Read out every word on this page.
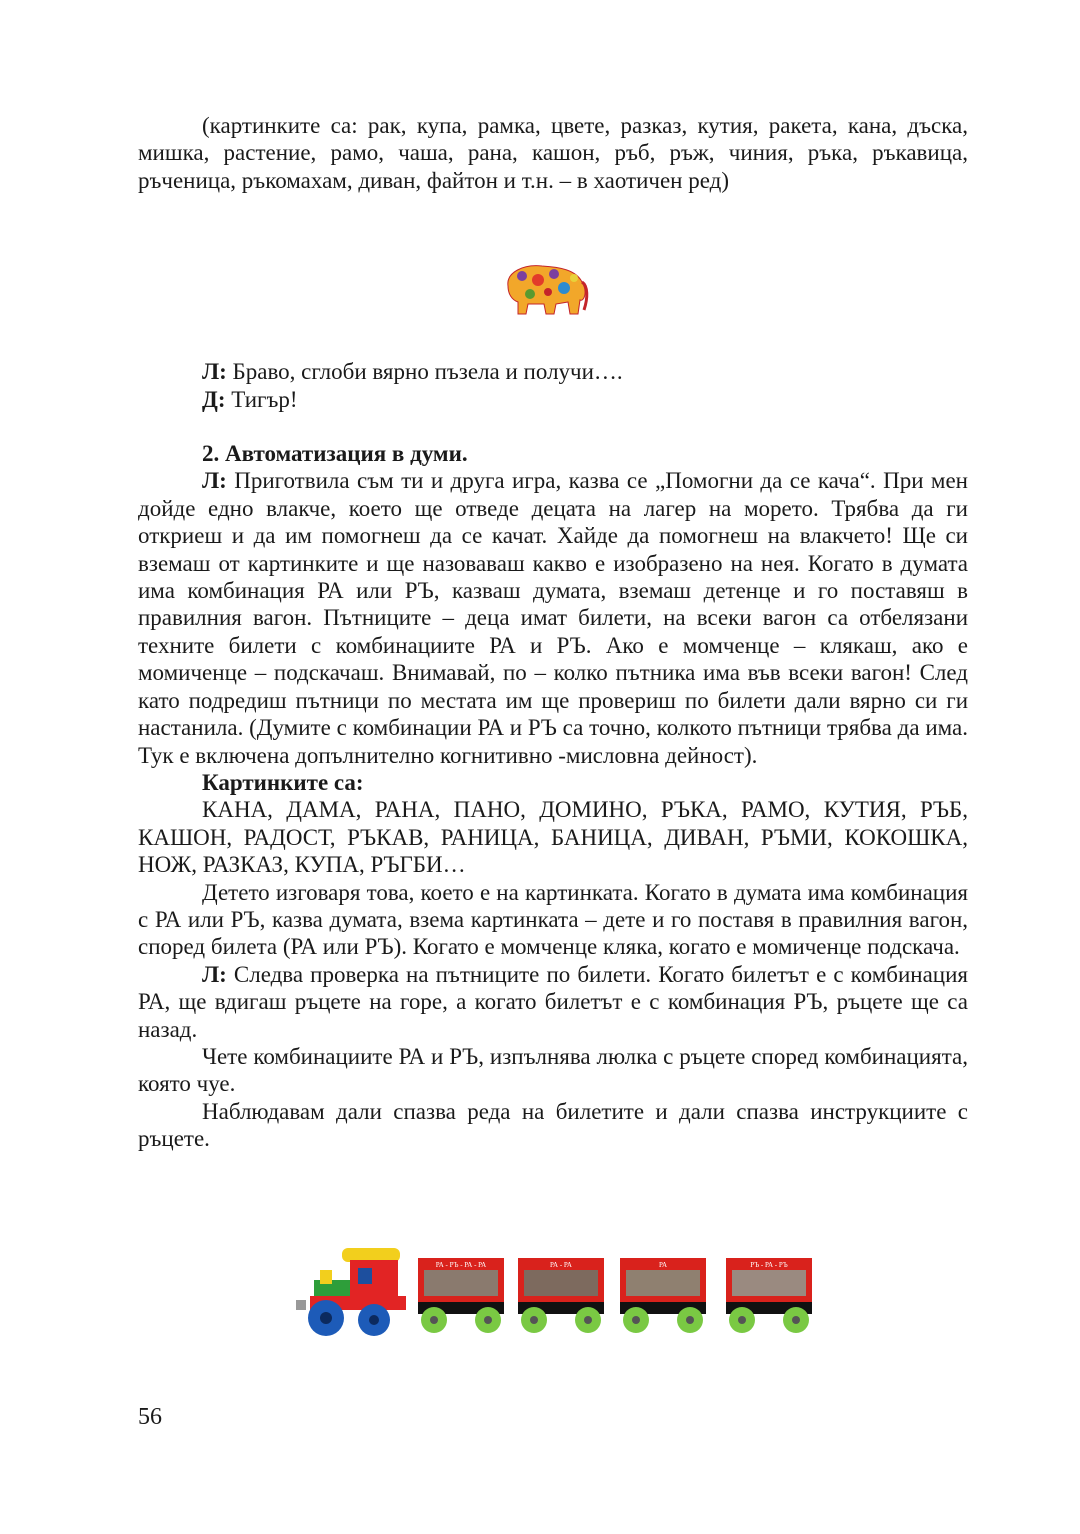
(картинките са: рак, купа, рамка, цвете, разказ, кутия, ракета, кана, дъска, мишка, растение, рамо, чаша, рана, кашон, ръб, ръж, чиния, ръка, ръкавица, ръченица, ръкомахам, диван, файтон и т.н. – в хаотичен ред)

Л: Браво, сглоби вярно пъзела и получи….

Д: Тигър!

2. Автоматизация в думи.

Л: Приготвила съм ти и друга игра, казва се „Помогни да се кача“. При мен дойде едно влакче, което ще отведе децата на лагер на морето. Трябва да ги откриеш и да им помогнеш да се качат. Хайде да помогнеш на влакчето! Ще си вземаш от картинките и ще назоваваш какво е изобразено на нея. Когато в думата има комбинация РА или РЪ, казваш думата, вземаш детенце и го поставяш в правилния вагон. Пътниците – деца имат билети, на всеки вагон са отбелязани техните билети с комбинациите РА и РЪ. Ако е момченце – клякаш, ако е момиченце – подскачаш. Внимавай, по – колко пътника има във всеки вагон! След като подредиш пътници по местата им ще провериш по билети дали вярно си ги настанила. (Думите с комбинации РА и РЪ са точно, колкото пътници трябва да има. Тук е включена допълнително когнитивно -мисловна дейност).

Картинките са:

КАНА, ДАМА, РАНА, ПАНО, ДОМИНО, РЪКА, РАМО, КУТИЯ, РЪБ, КАШОН, РАДОСТ, РЪКАВ, РАНИЦА, БАНИЦА, ДИВАН, РЪМИ, КОКОШКА, НОЖ, РАЗКАЗ, КУПА, РЪГБИ…

Детето изговаря това, което е на картинката. Когато в думата има комбинация с РА или РЪ, казва думата, взема картинката – дете и го поставя в правилния вагон, според билета (РА или РЪ). Когато е момченце кляка, когато е момиченце подскача.

Л: Следва проверка на пътниците по билети. Когато билетът е с комбинация РА, ще вдигаш ръцете на горе, а когато билетът е с комбинация РЪ, ръцете ще са назад.

Чете комбинациите РА и РЪ, изпълнява люлка с ръцете според комбинацията, която чуе.

Наблюдавам дали спазва реда на билетите и дали спазва инструкциите с ръцете.

РА - РЪ - РА - РА	РА - РА	РА	РЪ - РА - РЪ
56
